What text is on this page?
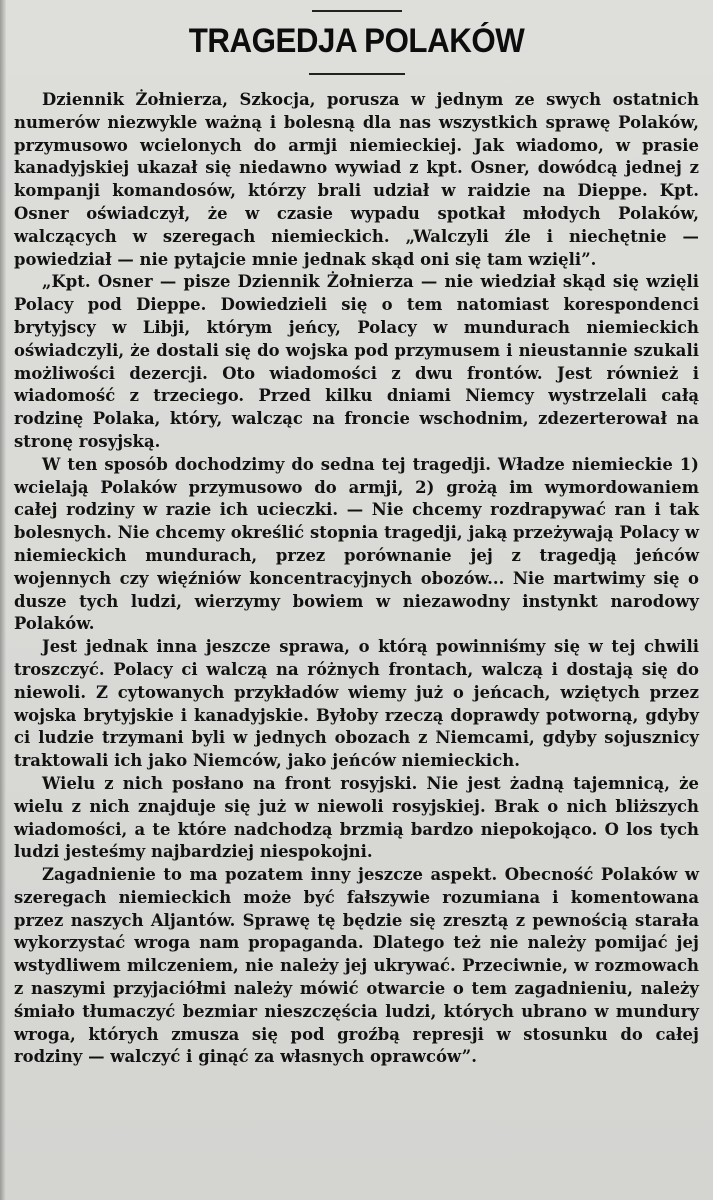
TRAGEDJA POLAKÓW

Dziennik Żołnierza, Szkocja, porusza w jednym ze swych ostatnich numerów niezwykle ważną i bolesną dla nas wszystkich sprawę Polaków, przymusowo wcielonych do armji niemieckiej. Jak wiadomo, w prasie kanadyjskiej ukazał się niedawno wywiad z kpt. Osner, dowódcą jednej z kompanji komandosów, którzy brali udział w raidzie na Dieppe. Kpt. Osner oświadczył, że w czasie wypadu spotkał młodych Polaków, walczących w szeregach niemieckich. „Walczyli źle i niechętnie — powiedział — nie pytajcie mnie jednak skąd oni się tam wzięli”.

„Kpt. Osner — pisze Dziennik Żołnierza — nie wiedział skąd się wzięli Polacy pod Dieppe. Dowiedzieli się o tem natomiast korespondenci brytyjscy w Libji, którym jeńcy, Polacy w mundurach niemieckich oświadczyli, że dostali się do wojska pod przymusem i nieustannie szukali możliwości dezercji. Oto wiadomości z dwu frontów. Jest również i wiadomość z trzeciego. Przed kilku dniami Niemcy wystrzelali całą rodzinę Polaka, który, walcząc na froncie wschodnim, zdezerterował na stronę rosyjską.

W ten sposób dochodzimy do sedna tej tragedji. Władze niemieckie 1) wcielają Polaków przymusowo do armji, 2) grożą im wymordowaniem całej rodziny w razie ich ucieczki. — Nie chcemy rozdrapywać ran i tak bolesnych. Nie chcemy określić stopnia tragedji, jaką przeżywają Polacy w niemieckich mundurach, przez porównanie jej z tragedją jeńców wojennych czy więźniów koncentracyjnych obozów... Nie martwimy się o dusze tych ludzi, wierzymy bowiem w niezawodny instynkt narodowy Polaków.

Jest jednak inna jeszcze sprawa, o którą powinniśmy się w tej chwili troszczyć. Polacy ci walczą na różnych frontach, walczą i dostają się do niewoli. Z cytowanych przykładów wiemy już o jeńcach, wziętych przez wojska brytyjskie i kanadyjskie. Byłoby rzeczą doprawdy potworną, gdyby ci ludzie trzymani byli w jednych obozach z Niemcami, gdyby sojusznicy traktowali ich jako Niemców, jako jeńców niemieckich.

Wielu z nich posłano na front rosyjski. Nie jest żadną tajemnicą, że wielu z nich znajduje się już w niewoli rosyjskiej. Brak o nich bliższych wiadomości, a te które nadchodzą brzmią bardzo niepokojąco. O los tych ludzi jesteśmy najbardziej niespokojni.

Zagadnienie to ma pozatem inny jeszcze aspekt. Obecność Polaków w szeregach niemieckich może być fałszywie rozumiana i komentowana przez naszych Aljantów. Sprawę tę będzie się zresztą z pewnością starała wykorzystać wroga nam propaganda. Dlatego też nie należy pomijać jej wstydliwem milczeniem, nie należy jej ukrywać. Przeciwnie, w rozmowach z naszymi przyjaciółmi należy mówić otwarcie o tem zagadnieniu, należy śmiało tłumaczyć bezmiar nieszczęścia ludzi, których ubrano w mundury wroga, których zmusza się pod groźbą represji w stosunku do całej rodziny — walczyć i ginąć za własnych oprawców”.
